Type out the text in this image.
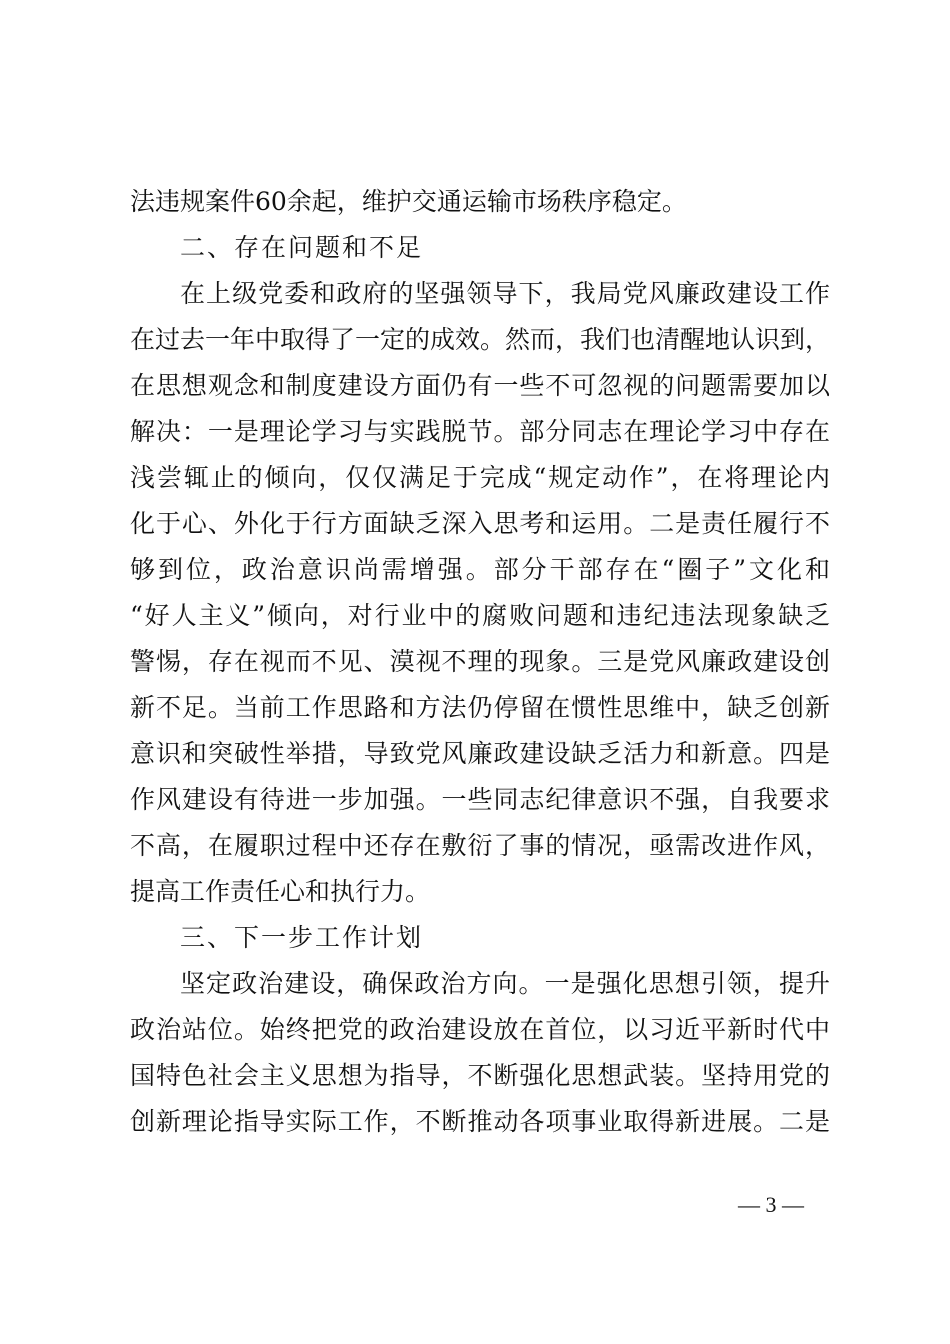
法违规案件60余起，维护交通运输市场秩序稳定。
二、存在问题和不足
在上级党委和政府的坚强领导下，我局党风廉政建设工作
在过去一年中取得了一定的成效。然而，我们也清醒地认识到，
在思想观念和制度建设方面仍有一些不可忽视的问题需要加以
解决：一是理论学习与实践脱节。部分同志在理论学习中存在
浅尝辄止的倾向，仅仅满足于完成“规定动作”，在将理论内
化于心、外化于行方面缺乏深入思考和运用。二是责任履行不
够到位，政治意识尚需增强。部分干部存在“圈子”文化和
“好人主义”倾向，对行业中的腐败问题和违纪违法现象缺乏
警惕，存在视而不见、漠视不理的现象。三是党风廉政建设创
新不足。当前工作思路和方法仍停留在惯性思维中，缺乏创新
意识和突破性举措，导致党风廉政建设缺乏活力和新意。四是
作风建设有待进一步加强。一些同志纪律意识不强，自我要求
不高，在履职过程中还存在敷衍了事的情况，亟需改进作风，
提高工作责任心和执行力。
三、下一步工作计划
坚定政治建设，确保政治方向。一是强化思想引领，提升
政治站位。始终把党的政治建设放在首位，以习近平新时代中
国特色社会主义思想为指导，不断强化思想武装。坚持用党的
创新理论指导实际工作，不断推动各项事业取得新进展。二是
— 3 —
